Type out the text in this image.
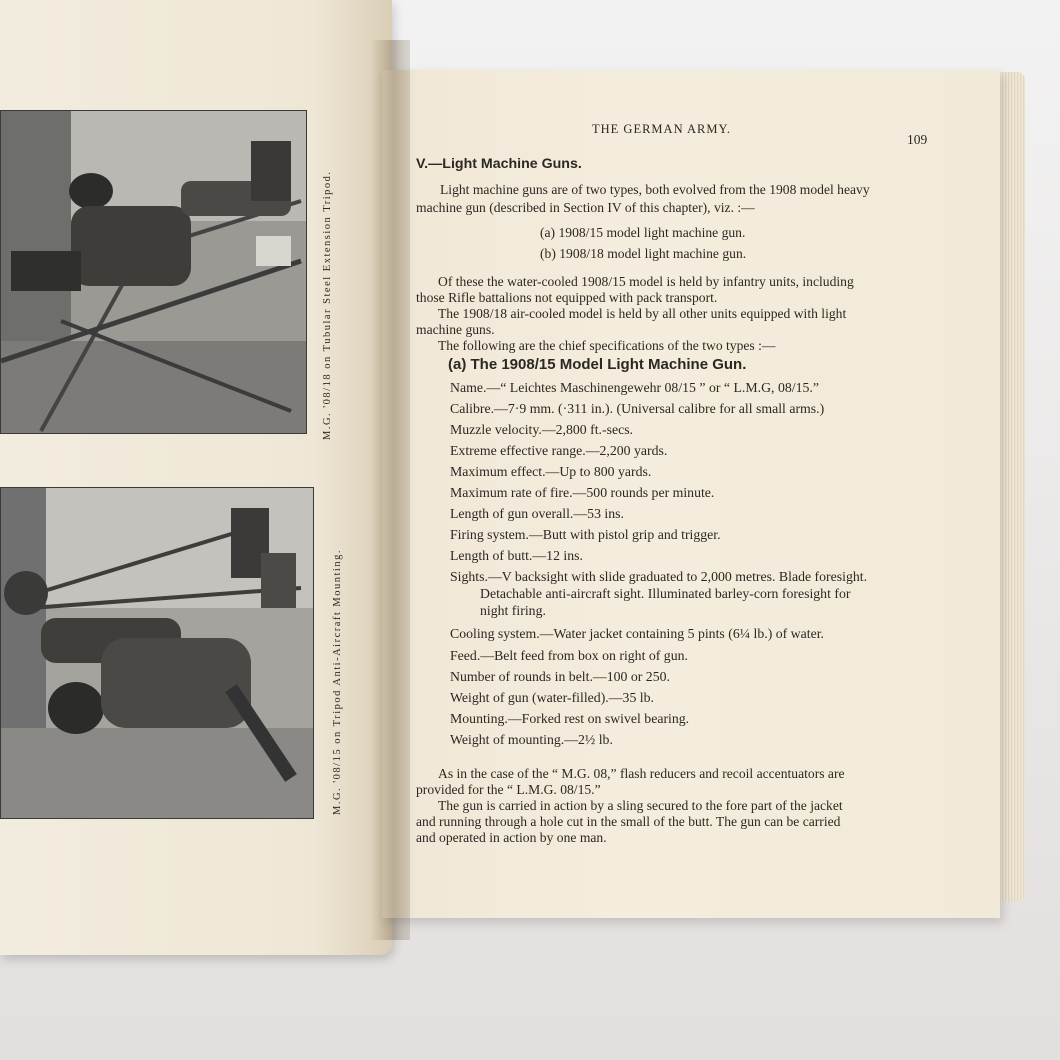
M.G. '08/18 on Tubular Steel Extension Tripod.
M.G. '08/15 on Tripod Anti-Aircraft Mounting.
THE GERMAN ARMY.
109
V.—Light Machine Guns.
Light machine guns are of two types, both evolved from the 1908 model heavy
machine gun (described in Section IV of this chapter), viz. :—
(a) 1908/15 model light machine gun.
(b) 1908/18 model light machine gun.
Of these the water-cooled 1908/15 model is held by infantry units, including
those Rifle battalions not equipped with pack transport.
The 1908/18 air-cooled model is held by all other units equipped with light
machine guns.
The following are the chief specifications of the two types :—
(a) The 1908/15 Model Light Machine Gun.
Name.—“ Leichtes Maschinengewehr 08/15 ” or “ L.M.G, 08/15.”
Calibre.—7·9 mm. (·311 in.). (Universal calibre for all small arms.)
Muzzle velocity.—2,800 ft.-secs.
Extreme effective range.—2,200 yards.
Maximum effect.—Up to 800 yards.
Maximum rate of fire.—500 rounds per minute.
Length of gun overall.—53 ins.
Firing system.—Butt with pistol grip and trigger.
Length of butt.—12 ins.
Sights.—V backsight with slide graduated to 2,000 metres. Blade foresight.
Detachable anti-aircraft sight. Illuminated barley-corn foresight for
night firing.
Cooling system.—Water jacket containing 5 pints (6¼ lb.) of water.
Feed.—Belt feed from box on right of gun.
Number of rounds in belt.—100 or 250.
Weight of gun (water-filled).—35 lb.
Mounting.—Forked rest on swivel bearing.
Weight of mounting.—2½ lb.
As in the case of the “ M.G. 08,” flash reducers and recoil accentuators are
provided for the “ L.M.G. 08/15.”
The gun is carried in action by a sling secured to the fore part of the jacket
and running through a hole cut in the small of the butt. The gun can be carried
and operated in action by one man.
